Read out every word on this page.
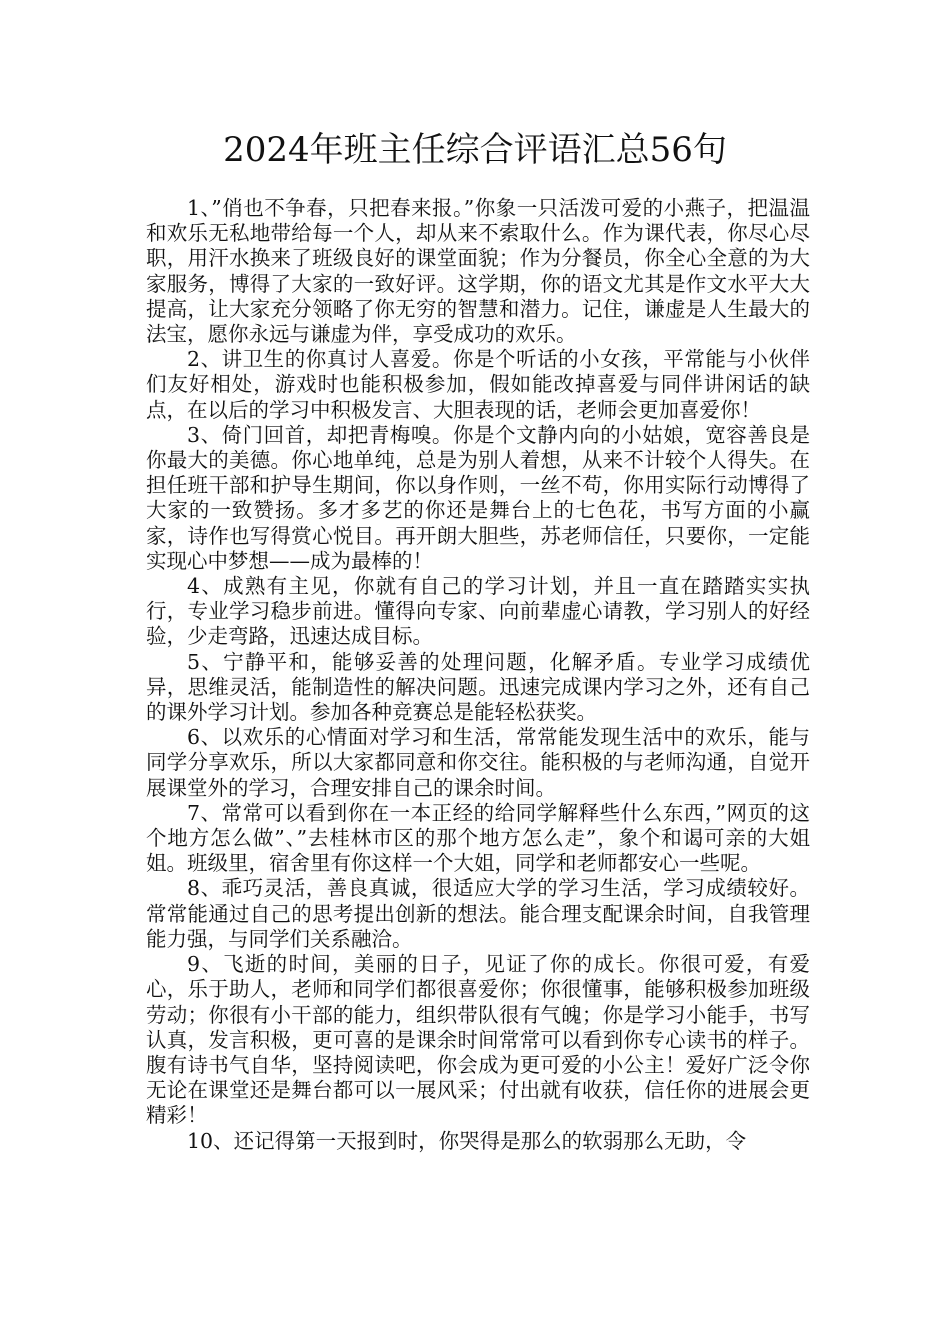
2024年班主任综合评语汇总56句

1、”俏也不争春，只把春来报。”你象一只活泼可爱的小燕子，把温温和欢乐无私地带给每一个人，却从来不索取什么。作为课代表，你尽心尽职，用汗水换来了班级良好的课堂面貌；作为分餐员，你全心全意的为大家服务，博得了大家的一致好评。这学期，你的语文尤其是作文水平大大提高，让大家充分领略了你无穷的智慧和潜力。记住，谦虚是人生最大的法宝，愿你永远与谦虚为伴，享受成功的欢乐。

2、讲卫生的你真讨人喜爱。你是个听话的小女孩，平常能与小伙伴们友好相处，游戏时也能积极参加，假如能改掉喜爱与同伴讲闲话的缺点，在以后的学习中积极发言、大胆表现的话，老师会更加喜爱你！

3、倚门回首，却把青梅嗅。你是个文静内向的小姑娘，宽容善良是你最大的美德。你心地单纯，总是为别人着想，从来不计较个人得失。在担任班干部和护导生期间，你以身作则，一丝不苟，你用实际行动博得了大家的一致赞扬。多才多艺的你还是舞台上的七色花，书写方面的小赢家，诗作也写得赏心悦目。再开朗大胆些，苏老师信任，只要你，一定能实现心中梦想——成为最棒的！

4、成熟有主见，你就有自己的学习计划，并且一直在踏踏实实执行，专业学习稳步前进。懂得向专家、向前辈虚心请教，学习别人的好经验，少走弯路，迅速达成目标。

5、宁静平和，能够妥善的处理问题，化解矛盾。专业学习成绩优异，思维灵活，能制造性的解决问题。迅速完成课内学习之外，还有自己的课外学习计划。参加各种竞赛总是能轻松获奖。

6、以欢乐的心情面对学习和生活，常常能发现生活中的欢乐，能与同学分享欢乐，所以大家都同意和你交往。能积极的与老师沟通，自觉开展课堂外的学习，合理安排自己的课余时间。

7、常常可以看到你在一本正经的给同学解释些什么东西，”网页的这个地方怎么做”、”去桂林市区的那个地方怎么走”，象个和谒可亲的大姐姐。班级里，宿舍里有你这样一个大姐，同学和老师都安心一些呢。

8、乖巧灵活，善良真诚，很适应大学的学习生活，学习成绩较好。常常能通过自己的思考提出创新的想法。能合理支配课余时间，自我管理能力强，与同学们关系融洽。

9、飞逝的时间，美丽的日子，见证了你的成长。你很可爱，有爱心，乐于助人，老师和同学们都很喜爱你；你很懂事，能够积极参加班级劳动；你很有小干部的能力，组织带队很有气魄；你是学习小能手，书写认真，发言积极，更可喜的是课余时间常常可以看到你专心读书的样子。腹有诗书气自华，坚持阅读吧，你会成为更可爱的小公主！爱好广泛令你无论在课堂还是舞台都可以一展风采；付出就有收获，信任你的进展会更精彩！

10、还记得第一天报到时，你哭得是那么的软弱那么无助，令
